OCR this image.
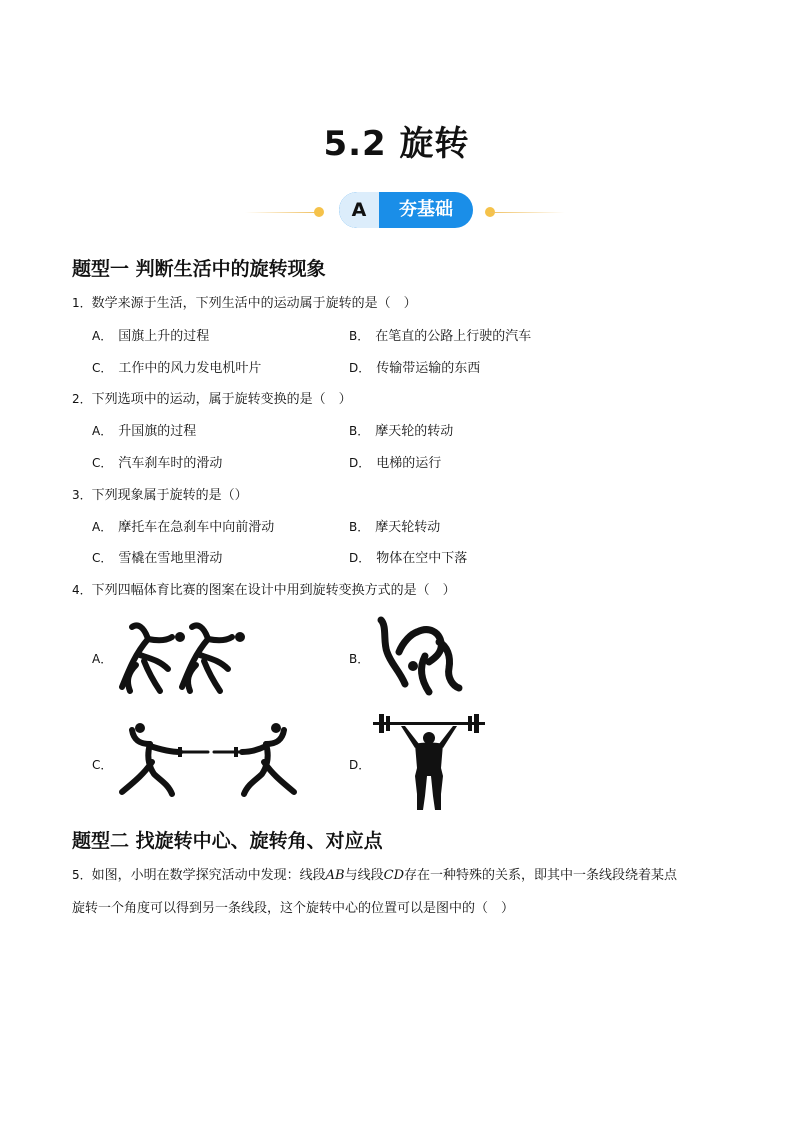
5.2 旋转
A	夯基础
题型一 判断生活中的旋转现象
1．数学来源于生活，下列生活中的运动属于旋转的是（　）
A． 国旗上升的过程	B． 在笔直的公路上行驶的汽车
C． 工作中的风力发电机叶片	D． 传输带运输的东西
2．下列选项中的运动，属于旋转变换的是（　）
A． 升国旗的过程	B． 摩天轮的转动
C． 汽车刹车时的滑动	D． 电梯的运行
3．下列现象属于旋转的是（）
A． 摩托车在急刹车中向前滑动	B． 摩天轮转动
C． 雪橇在雪地里滑动	D． 物体在空中下落
4．下列四幅体育比赛的图案在设计中用到旋转变换方式的是（　）
A．	B．
C．	D．
题型二 找旋转中心、旋转角、对应点
5．如图，小明在数学探究活动中发现：线段AB与线段CD存在一种特殊的关系，即其中一条线段绕着某点
旋转一个角度可以得到另一条线段，这个旋转中心的位置可以是图中的（　）
